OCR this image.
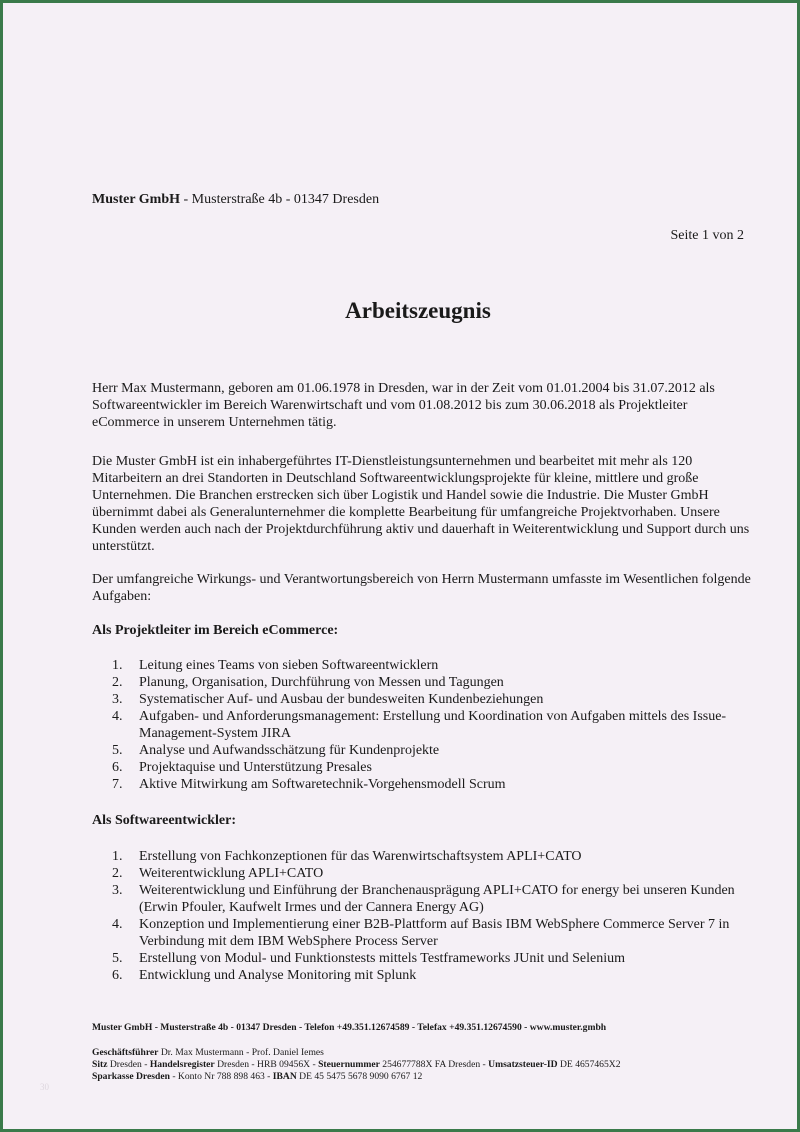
Muster GmbH - Musterstraße 4b - 01347 Dresden
Seite 1 von 2
Arbeitszeugnis
Herr Max Mustermann, geboren am 01.06.1978 in Dresden, war in der Zeit vom 01.01.2004 bis 31.07.2012 als Softwareentwickler im Bereich Warenwirtschaft und vom 01.08.2012 bis zum 30.06.2018 als Projektleiter eCommerce in unserem Unternehmen tätig.
Die Muster GmbH ist ein inhabergeführtes IT-Dienstleistungsunternehmen und bearbeitet mit mehr als 120 Mitarbeitern an drei Standorten in Deutschland Softwareentwicklungsprojekte für kleine, mittlere und große Unternehmen. Die Branchen erstrecken sich über Logistik und Handel sowie die Industrie. Die Muster GmbH übernimmt dabei als Generalunternehmer die komplette Bearbeitung für umfangreiche Projektvorhaben. Unsere Kunden werden auch nach der Projektdurchführung aktiv und dauerhaft in Weiterentwicklung und Support durch uns unterstützt.
Der umfangreiche Wirkungs- und Verantwortungsbereich von Herrn Mustermann umfasste im Wesentlichen folgende Aufgaben:
Als Projektleiter im Bereich eCommerce:
1.	Leitung eines Teams von sieben Softwareentwicklern
2.	Planung, Organisation, Durchführung von Messen und Tagungen
3.	Systematischer Auf- und Ausbau der bundesweiten Kundenbeziehungen
4.	Aufgaben- und Anforderungsmanagement: Erstellung und Koordination von Aufgaben mittels des Issue-Management-System JIRA
5.	Analyse und Aufwandsschätzung für Kundenprojekte
6.	Projektaquise und Unterstützung Presales
7.	Aktive Mitwirkung am Softwaretechnik-Vorgehensmodell Scrum
Als Softwareentwickler:
1.	Erstellung von Fachkonzeptionen für das Warenwirtschaftsystem APLI+CATO
2.	Weiterentwicklung APLI+CATO
3.	Weiterentwicklung und Einführung der Branchenausprägung APLI+CATO for energy bei unseren Kunden (Erwin Pfouler, Kaufwelt Irmes und der Cannera Energy AG)
4.	Konzeption und Implementierung einer B2B-Plattform auf Basis IBM WebSphere Commerce Server 7 in Verbindung mit dem IBM WebSphere Process Server
5.	Erstellung von Modul- und Funktionstests mittels Testframeworks JUnit und Selenium
6.	Entwicklung und Analyse Monitoring mit Splunk
Muster GmbH - Musterstraße 4b - 01347 Dresden - Telefon +49.351.12674589 - Telefax +49.351.12674590 - www.muster.gmbh
Geschäftsführer Dr. Max Mustermann - Prof. Daniel Iemes
Sitz Dresden - Handelsregister Dresden - HRB 09456X - Steuernummer 254677788X FA Dresden - Umsatzsteuer-ID DE 4657465X2
Sparkasse Dresden - Konto Nr 788 898 463 - IBAN DE 45 5475 5678 9090 6767 12
30
